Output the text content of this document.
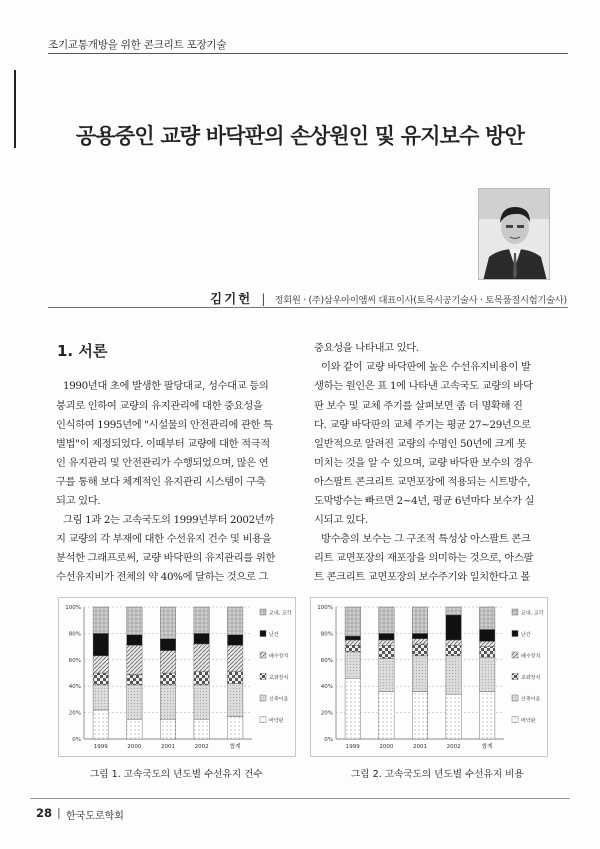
조기교통개방을 위한 콘크리트 포장기술
공용중인 교량 바닥판의 손상원인 및 유지보수 방안
김기헌 | 정회원 · (주)삼우아이엠씨 대표이사(토목시공기술사 · 토목품질시험기술사)
1. 서론
1990년대 초에 발생한 팔당대교, 성수대교 등의
붕괴로 인하여 교량의 유지관리에 대한 중요성을
인식하여 1995년에 "시설물의 안전관리에 관한 특
별법"이 제정되었다. 이때부터 교량에 대한 적극적
인 유지관리 및 안전관리가 수행되었으며, 많은 연
구를 통해 보다 체계적인 유지관리 시스템이 구축
되고 있다.
그림 1과 2는 고속국도의 1999년부터 2002년까
지 교량의 각 부재에 대한 수선유지 건수 및 비용을
분석한 그래프로써, 교량 바닥판의 유지관리를 위한
수선유지비가 전체의 약 40%에 달하는 것으로 그
중요성을 나타내고 있다.
이와 같이 교량 바닥판에 높은 수선유지비용이 발
생하는 원인은 표 1에 나타낸 고속국도 교량의 바닥
판 보수 및 교체 주기를 살펴보면 좀 더 명확해 진
다. 교량 바닥판의 교체 주기는 평균 27~29년으로
일반적으로 알려진 교량의 수명인 50년에 크게 못
미치는 것을 알 수 있으며, 교량 바닥판 보수의 경우
아스팔트 콘크리트 교면포장에 적용되는 시트방수,
도막방수는 빠르면 2~4년, 평균 6년마다 보수가 실
시되고 있다.
방수층의 보수는 그 구조적 특성상 아스팔트 콘크
리트 교면포장의 재포장을 의미하는 것으로, 아스팔
트 콘크리트 교면포장의 보수주기와 일치한다고 볼
0%
20%
40%
60%
80%
100%
1999	2000	2001	2002	합계
교대, 교각
난간
배수장치
교좌장치
신축이음
바닥판
그림 1. 고속국도의 년도별 수선유지 건수
0%
20%
40%
60%
80%
100%
1999	2000	2001	2002	합계
교대, 교각
난간
배수장치
교좌장치
신축이음
바닥판
그림 2. 고속국도의 년도별 수선유지 비용
28 | 한국도로학회
